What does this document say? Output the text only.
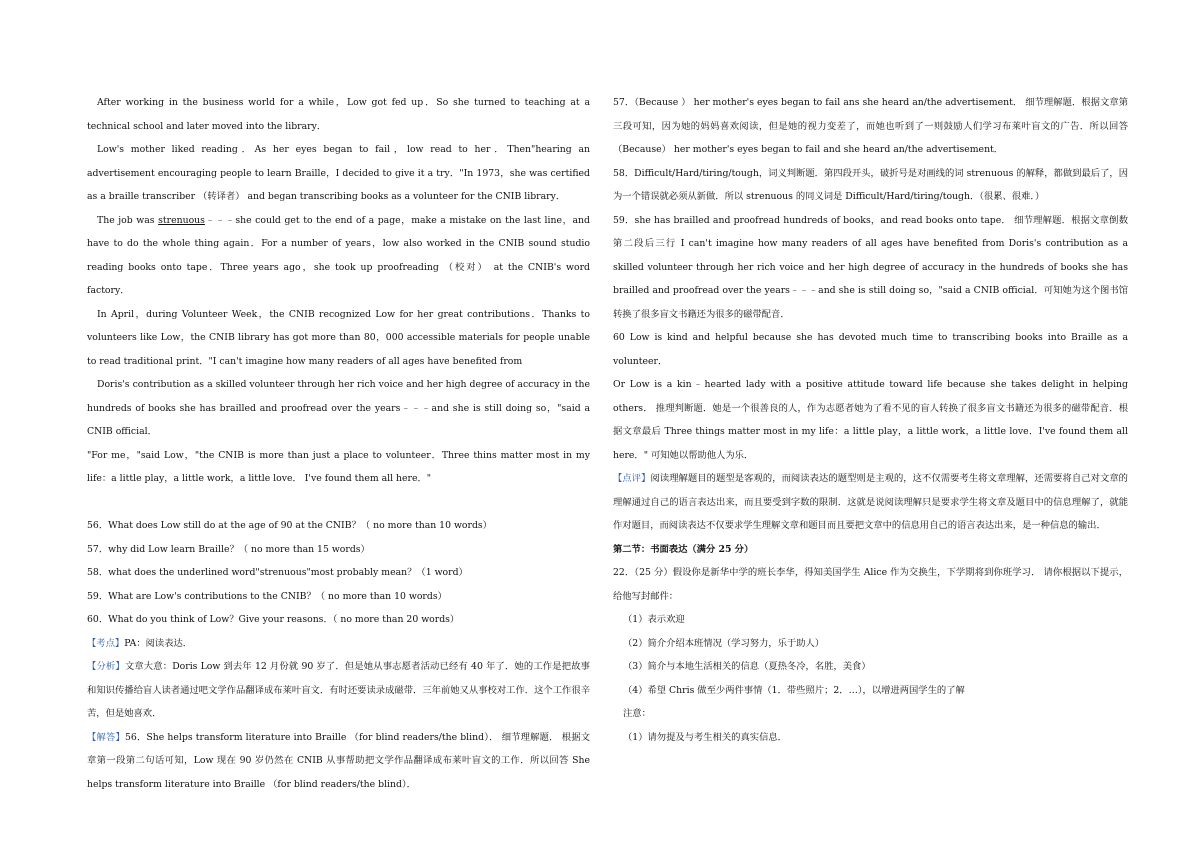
After working in the business world for a while，Low got fed up．So she turned to teaching at a technical school and later moved into the library．

Low's mother liked reading．As her eyes began to fail，low read to her．Then"hearing an advertisement encouraging people to learn Braille，I decided to give it a try．"In 1973，she was certified as a braille transcriber （转译者） and began transcribing books as a volunteer for the CNIB library．

The job was strenuous﹣﹣﹣she could get to the end of a page，make a mistake on the last line，and have to do the whole thing again．For a number of years，low also worked in the CNIB sound studio reading books onto tape．Three years ago，she took up proofreading （校对） at the CNIB's word factory．

In April，during Volunteer Week，the CNIB recognized Low for her great contributions．Thanks to volunteers like Low，the CNIB library has got more than 80，000 accessible materials for people unable to read traditional print．"I can't imagine how many readers of all ages have benefited from

Doris's contribution as a skilled volunteer through her rich voice and her high degree of accuracy in the hundreds of books she has brailled and proofread over the years﹣﹣﹣and she is still doing so，"said a CNIB official．

"For me，"said Low，"the CNIB is more than just a place to volunteer．Three thins matter most in my life：a little play，a little work，a little love． I've found them all here．"

56．What does Low still do at the age of 90 at the CNIB？（ no more than 10 words）

57．why did Low learn Braille？（ no more than 15 words）

58．what does the underlined word"strenuous"most probably mean？（1 word）

59．What are Low's contributions to the CNIB？（ no more than 10 words）

60．What do you think of Low？Give your reasons．（ no more than 20 words）

【考点】PA：阅读表达．

【分析】文章大意：Doris Low 到去年 12 月份就 90 岁了．但是她从事志愿者活动已经有 40 年了．她的工作是把故事和知识传播给盲人读者通过吧文学作品翻译成布莱叶盲文．有时还要读录成磁带．三年前她又从事校对工作．这个工作很辛苦，但是她喜欢．

【解答】56．She helps transform literature into Braille （for blind readers/the blind）． 细节理解题． 根据文章第一段第二句话可知，Low 现在 90 岁仍然在 CNIB 从事帮助把文学作品翻译成布莱叶盲文的工作．所以回答 She helps transform literature into Braille （for blind readers/the blind）．

57．（Because ） her mother's eyes began to fail ans she heard an/the advertisement． 细节理解题．根据文章第三段可知，因为她的妈妈喜欢阅读，但是她的视力变差了，而她也听到了一则鼓励人们学习布莱叶盲文的广告．所以回答（Because） her mother's eyes began to fail and she heard an/the advertisement．

58．Difficult/Hard/tiring/tough，词义判断题．第四段开头，破折号是对画线的词 strenuous 的解释，都做到最后了，因为一个错误就必须从新做．所以 strenuous 的同义词是 Difficult/Hard/tiring/tough．（很累、很难．）

59．she has brailled and proofread hundreds of books，and read books onto tape． 细节理解题．根据文章倒数第二段后三行 I can't imagine how many readers of all ages have benefited from Doris's contribution as a skilled volunteer through her rich voice and her high degree of accuracy in the hundreds of books she has brailled and proofread over the years﹣﹣﹣and she is still doing so，"said a CNIB official．可知她为这个图书馆转换了很多盲文书籍还为很多的磁带配音．

60 Low is kind and helpful because she has devoted much time to transcribing books into Braille as a volunteer．

Or Low is a kin﹣hearted lady with a positive attitude toward life because she takes delight in helping others． 推理判断题．她是一个很善良的人，作为志愿者她为了看不见的盲人转换了很多盲文书籍还为很多的磁带配音．根据文章最后 Three things matter most in my life：a little play，a little work，a little love．I've found them all here．" 可知她以帮助他人为乐．

【点评】阅读理解题目的题型是客观的，而阅读表达的题型则是主观的，这不仅需要考生将文章理解，还需要将自己对文章的理解通过自己的语言表达出来，而且要受到字数的限制．这就是说阅读理解只是要求学生将文章及题目中的信息理解了，就能作对题目，而阅读表达不仅要求学生理解文章和题目而且要把文章中的信息用自己的语言表达出来，是一种信息的输出．

第二节：书面表达（满分 25 分）

22．（25 分）假设你是新华中学的班长李华，得知美国学生 Alice 作为交换生，下学期将到你班学习． 请你根据以下提示，给他写封邮件：

（1）表示欢迎

（2）简介介绍本班情况（学习努力，乐于助人）

（3）简介与本地生活相关的信息（夏热冬冷，名胜，美食）

（4）希望 Chris 做至少两件事情（1．带些照片；2．…），以增进两国学生的了解

注意：

（1）请勿提及与考生相关的真实信息．
